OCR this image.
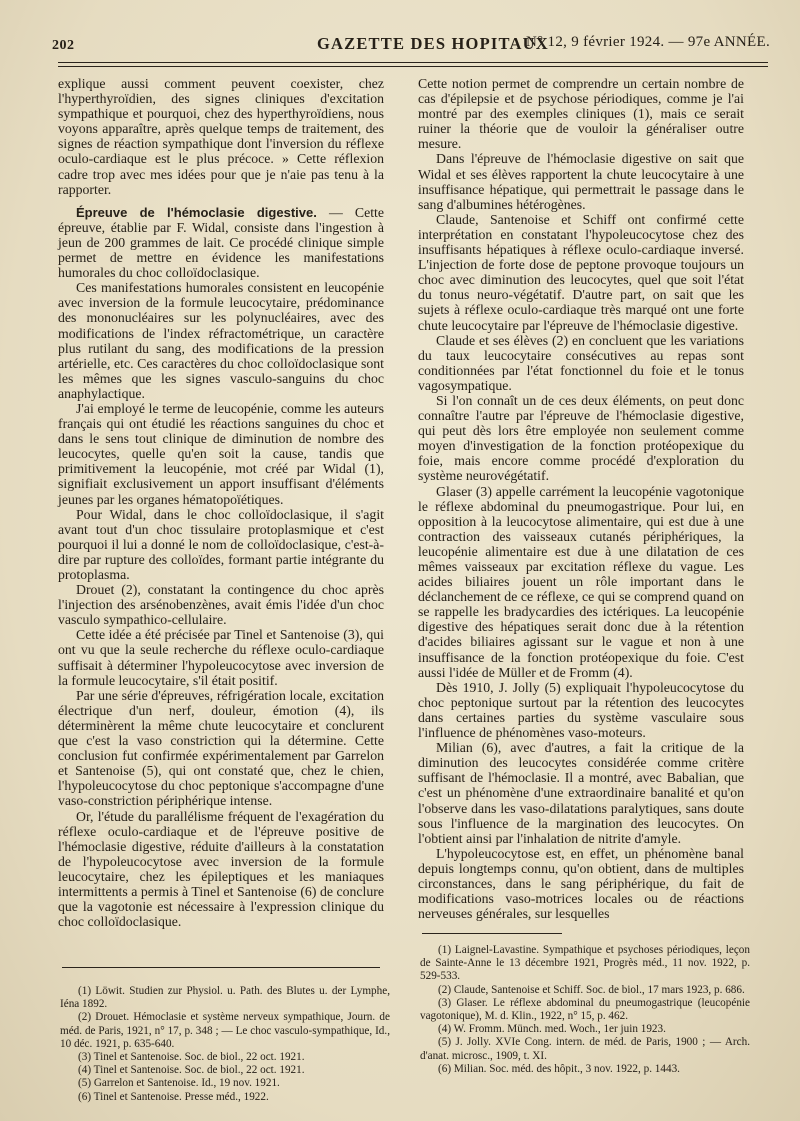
202	GAZETTE DES HOPITAUX
N° 12, 9 février 1924. — 97e ANNÉE.

explique aussi comment peuvent coexister, chez l'hyperthyroïdien, des signes cliniques d'excitation sympathique et pourquoi, chez des hyperthyroïdiens, nous voyons apparaître, après quelque temps de traitement, des signes de réaction sympathique dont l'inversion du réflexe oculo-cardiaque est le plus précoce. » Cette réflexion cadre trop avec mes idées pour que je n'aie pas tenu à la rapporter.

Épreuve de l'hémoclasie digestive. — Cette épreuve, établie par F. Widal, consiste dans l'ingestion à jeun de 200 grammes de lait. Ce procédé clinique simple permet de mettre en évidence les manifestations humorales du choc colloïdoclasique.

Ces manifestations humorales consistent en leucopénie avec inversion de la formule leucocytaire, prédominance des mononucléaires sur les polynucléaires, avec des modifications de l'index réfractométrique, un caractère plus rutilant du sang, des modifications de la pression artérielle, etc. Ces caractères du choc colloïdoclasique sont les mêmes que les signes vasculo-sanguins du choc anaphylactique.

J'ai employé le terme de leucopénie, comme les auteurs français qui ont étudié les réactions sanguines du choc et dans le sens tout clinique de diminution de nombre des leucocytes, quelle qu'en soit la cause, tandis que primitivement la leucopénie, mot créé par Widal (1), signifiait exclusivement un apport insuffisant d'éléments jeunes par les organes hématopoïétiques.

Pour Widal, dans le choc colloïdoclasique, il s'agit avant tout d'un choc tissulaire protoplasmique et c'est pourquoi il lui a donné le nom de colloïdoclasique, c'est-à-dire par rupture des colloïdes, formant partie intégrante du protoplasma.

Drouet (2), constatant la contingence du choc après l'injection des arsénobenzènes, avait émis l'idée d'un choc vasculo sympathico-cellulaire.

Cette idée a été précisée par Tinel et Santenoise (3), qui ont vu que la seule recherche du réflexe oculo-cardiaque suffisait à déterminer l'hypoleucocytose avec inversion de la formule leucocytaire, s'il était positif.

Par une série d'épreuves, réfrigération locale, excitation électrique d'un nerf, douleur, émotion (4), ils déterminèrent la même chute leucocytaire et conclurent que c'est la vaso constriction qui la détermine. Cette conclusion fut confirmée expérimentalement par Garrelon et Santenoise (5), qui ont constaté que, chez le chien, l'hypoleucocytose du choc peptonique s'accompagne d'une vaso-constriction périphérique intense.

Or, l'étude du parallélisme fréquent de l'exagération du réflexe oculo-cardiaque et de l'épreuve positive de l'hémoclasie digestive, réduite d'ailleurs à la constatation de l'hypoleucocytose avec inversion de la formule leucocytaire, chez les épileptiques et les maniaques intermittents a permis à Tinel et Santenoise (6) de conclure que la vagotonie est nécessaire à l'expression clinique du choc colloïdoclasique.

Cette notion permet de comprendre un certain nombre de cas d'épilepsie et de psychose périodiques, comme je l'ai montré par des exemples cliniques (1), mais ce serait ruiner la théorie que de vouloir la généraliser outre mesure.

Dans l'épreuve de l'hémoclasie digestive on sait que Widal et ses élèves rapportent la chute leucocytaire à une insuffisance hépatique, qui permettrait le passage dans le sang d'albumines hétérogènes.

Claude, Santenoise et Schiff ont confirmé cette interprétation en constatant l'hypoleucocytose chez des insuffisants hépatiques à réflexe oculo-cardiaque inversé. L'injection de forte dose de peptone provoque toujours un choc avec diminution des leucocytes, quel que soit l'état du tonus neuro-végétatif. D'autre part, on sait que les sujets à réflexe oculo-cardiaque très marqué ont une forte chute leucocytaire par l'épreuve de l'hémoclasie digestive.

Claude et ses élèves (2) en concluent que les variations du taux leucocytaire consécutives au repas sont conditionnées par l'état fonctionnel du foie et le tonus vagosympatique.

Si l'on connaît un de ces deux éléments, on peut donc connaître l'autre par l'épreuve de l'hémoclasie digestive, qui peut dès lors être employée non seulement comme moyen d'investigation de la fonction protéopexique du foie, mais encore comme procédé d'exploration du système neurovégétatif.

Glaser (3) appelle carrément la leucopénie vagotonique le réflexe abdominal du pneumogastrique. Pour lui, en opposition à la leucocytose alimentaire, qui est due à une contraction des vaisseaux cutanés périphériques, la leucopénie alimentaire est due à une dilatation de ces mêmes vaisseaux par excitation réflexe du vague. Les acides biliaires jouent un rôle important dans le déclanchement de ce réflexe, ce qui se comprend quand on se rappelle les bradycardies des ictériques. La leucopénie digestive des hépatiques serait donc due à la rétention d'acides biliaires agissant sur le vague et non à une insuffisance de la fonction protéopexique du foie. C'est aussi l'idée de Müller et de Fromm (4).

Dès 1910, J. Jolly (5) expliquait l'hypoleucocytose du choc peptonique surtout par la rétention des leucocytes dans certaines parties du système vasculaire sous l'influence de phénomènes vaso-moteurs.

Milian (6), avec d'autres, a fait la critique de la diminution des leucocytes considérée comme critère suffisant de l'hémoclasie. Il a montré, avec Babalian, que c'est un phénomène d'une extraordinaire banalité et qu'on l'observe dans les vaso-dilatations paralytiques, sans doute sous l'influence de la margination des leucocytes. On l'obtient ainsi par l'inhalation de nitrite d'amyle.

L'hypoleucocytose est, en effet, un phénomène banal depuis longtemps connu, qu'on obtient, dans de multiples circonstances, dans le sang périphérique, du fait de modifications vaso-motrices locales ou de réactions nerveuses générales, sur lesquelles

(1) Löwit. Studien zur Physiol. u. Path. des Blutes u. der Lymphe, Iéna 1892.
(2) Drouet. Hémoclasie et système nerveux sympathique, Journ. de méd. de Paris, 1921, n° 17, p. 348 ; — Le choc vasculo-sympathique, Id., 10 déc. 1921, p. 635-640.
(3) Tinel et Santenoise. Soc. de biol., 22 oct. 1921.
(4) Tinel et Santenoise. Soc. de biol., 22 oct. 1921.
(5) Garrelon et Santenoise. Id., 19 nov. 1921.
(6) Tinel et Santenoise. Presse méd., 1922.
(1) Laignel-Lavastine. Sympathique et psychoses périodiques, leçon de Sainte-Anne le 13 décembre 1921, Progrès méd., 11 nov. 1922, p. 529-533.
(2) Claude, Santenoise et Schiff. Soc. de biol., 17 mars 1923, p. 686.
(3) Glaser. Le réflexe abdominal du pneumogastrique (leucopénie vagotonique), M. d. Klin., 1922, n° 15, p. 462.
(4) W. Fromm. Münch. med. Woch., 1er juin 1923.
(5) J. Jolly. XVIe Cong. intern. de méd. de Paris, 1900 ; — Arch. d'anat. microsc., 1909, t. XI.
(6) Milian. Soc. méd. des hôpit., 3 nov. 1922, p. 1443.
